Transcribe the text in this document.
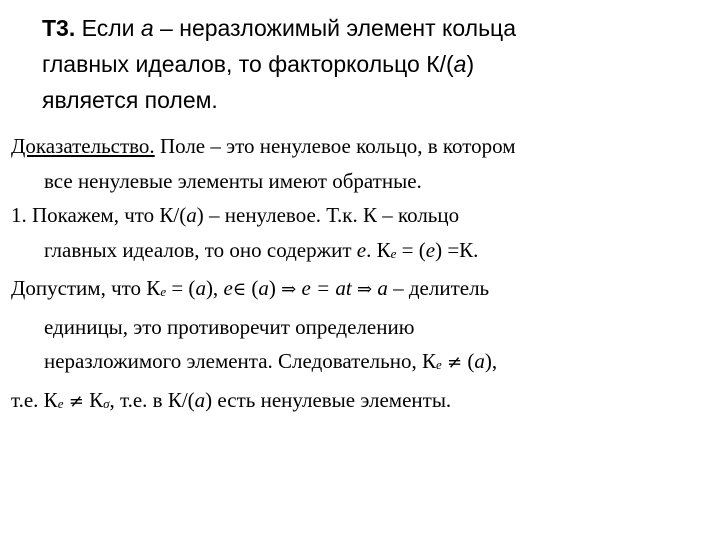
Т3. Если a – неразложимый элемент кольца
главных идеалов, то факторкольцо К/(a)
является полем.
Доказательство. Поле – это ненулевое кольцо, в котором
все ненулевые элементы имеют обратные.
1. Покажем, что К/(a) – ненулевое. Т.к. К – кольцо
главных идеалов, то оно содержит e. Кe = (e) =К.
Допустим, что Кe = (a), e∈ (a) ⇒ e = at ⇒ a – делитель
единицы, это противоречит определению
неразложимого элемента. Следовательно, Кe ≠ (a),
т.е. Кe ≠ Кσ, т.е. в К/(a) есть ненулевые элементы.
